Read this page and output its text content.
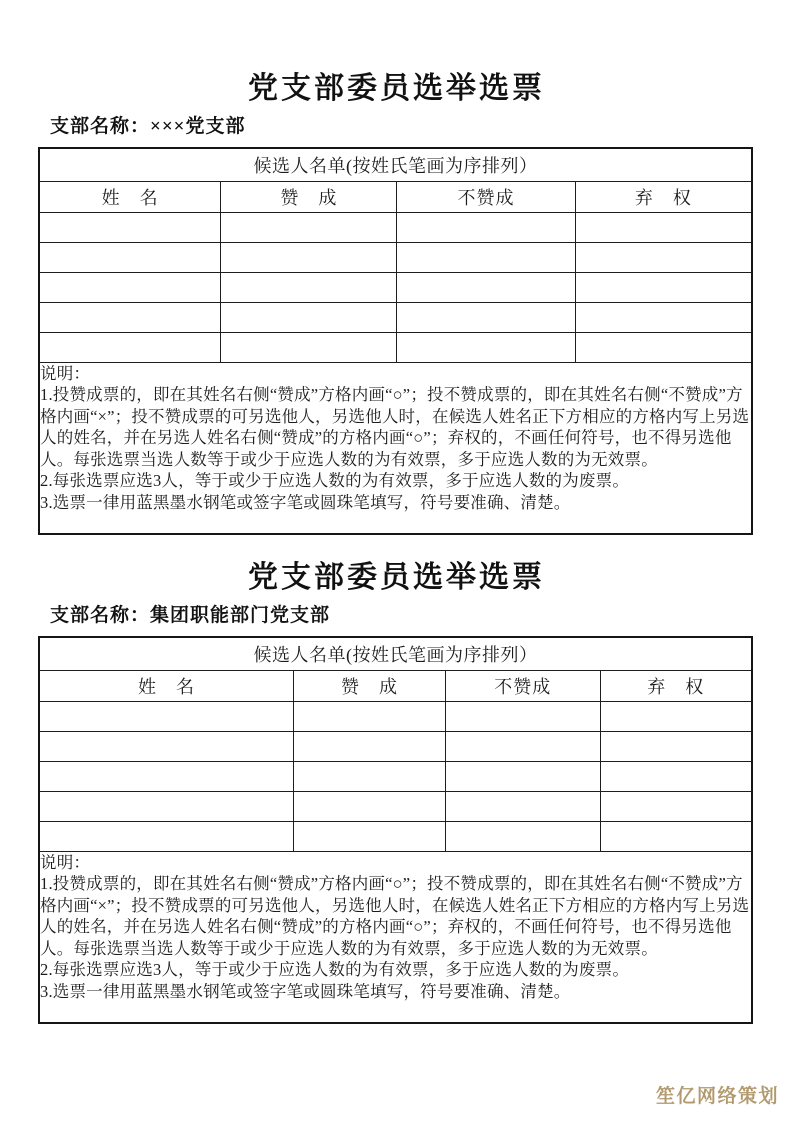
党支部委员选举选票
支部名称：×××党支部
候选人名单(按姓氏笔画为序排列）			
姓　名	赞　成	不赞成	弃　权

说明：
1.投赞成票的，即在其姓名右侧“赞成”方格内画“○”；投不赞成票的，即在其姓名右侧“不赞成”方格内画“×”；投不赞成票的可另选他人，另选他人时，在候选人姓名正下方相应的方格内写上另选人的姓名，并在另选人姓名右侧“赞成”的方格内画“○”；弃权的，不画任何符号，也不得另选他人。每张选票当选人数等于或少于应选人数的为有效票，多于应选人数的为无效票。
2.每张选票应选3人，等于或少于应选人数的为有效票，多于应选人数的为废票。
3.选票一律用蓝黑墨水钢笔或签字笔或圆珠笔填写，符号要准确、清楚。			
党支部委员选举选票
支部名称：集团职能部门党支部
候选人名单(按姓氏笔画为序排列）			
姓　名	赞　成	不赞成	弃　权

说明：
1.投赞成票的，即在其姓名右侧“赞成”方格内画“○”；投不赞成票的，即在其姓名右侧“不赞成”方格内画“×”；投不赞成票的可另选他人，另选他人时，在候选人姓名正下方相应的方格内写上另选人的姓名，并在另选人姓名右侧“赞成”的方格内画“○”；弃权的，不画任何符号，也不得另选他人。每张选票当选人数等于或少于应选人数的为有效票，多于应选人数的为无效票。
2.每张选票应选3人，等于或少于应选人数的为有效票，多于应选人数的为废票。
3.选票一律用蓝黑墨水钢笔或签字笔或圆珠笔填写，符号要准确、清楚。			
笙亿网络策划
